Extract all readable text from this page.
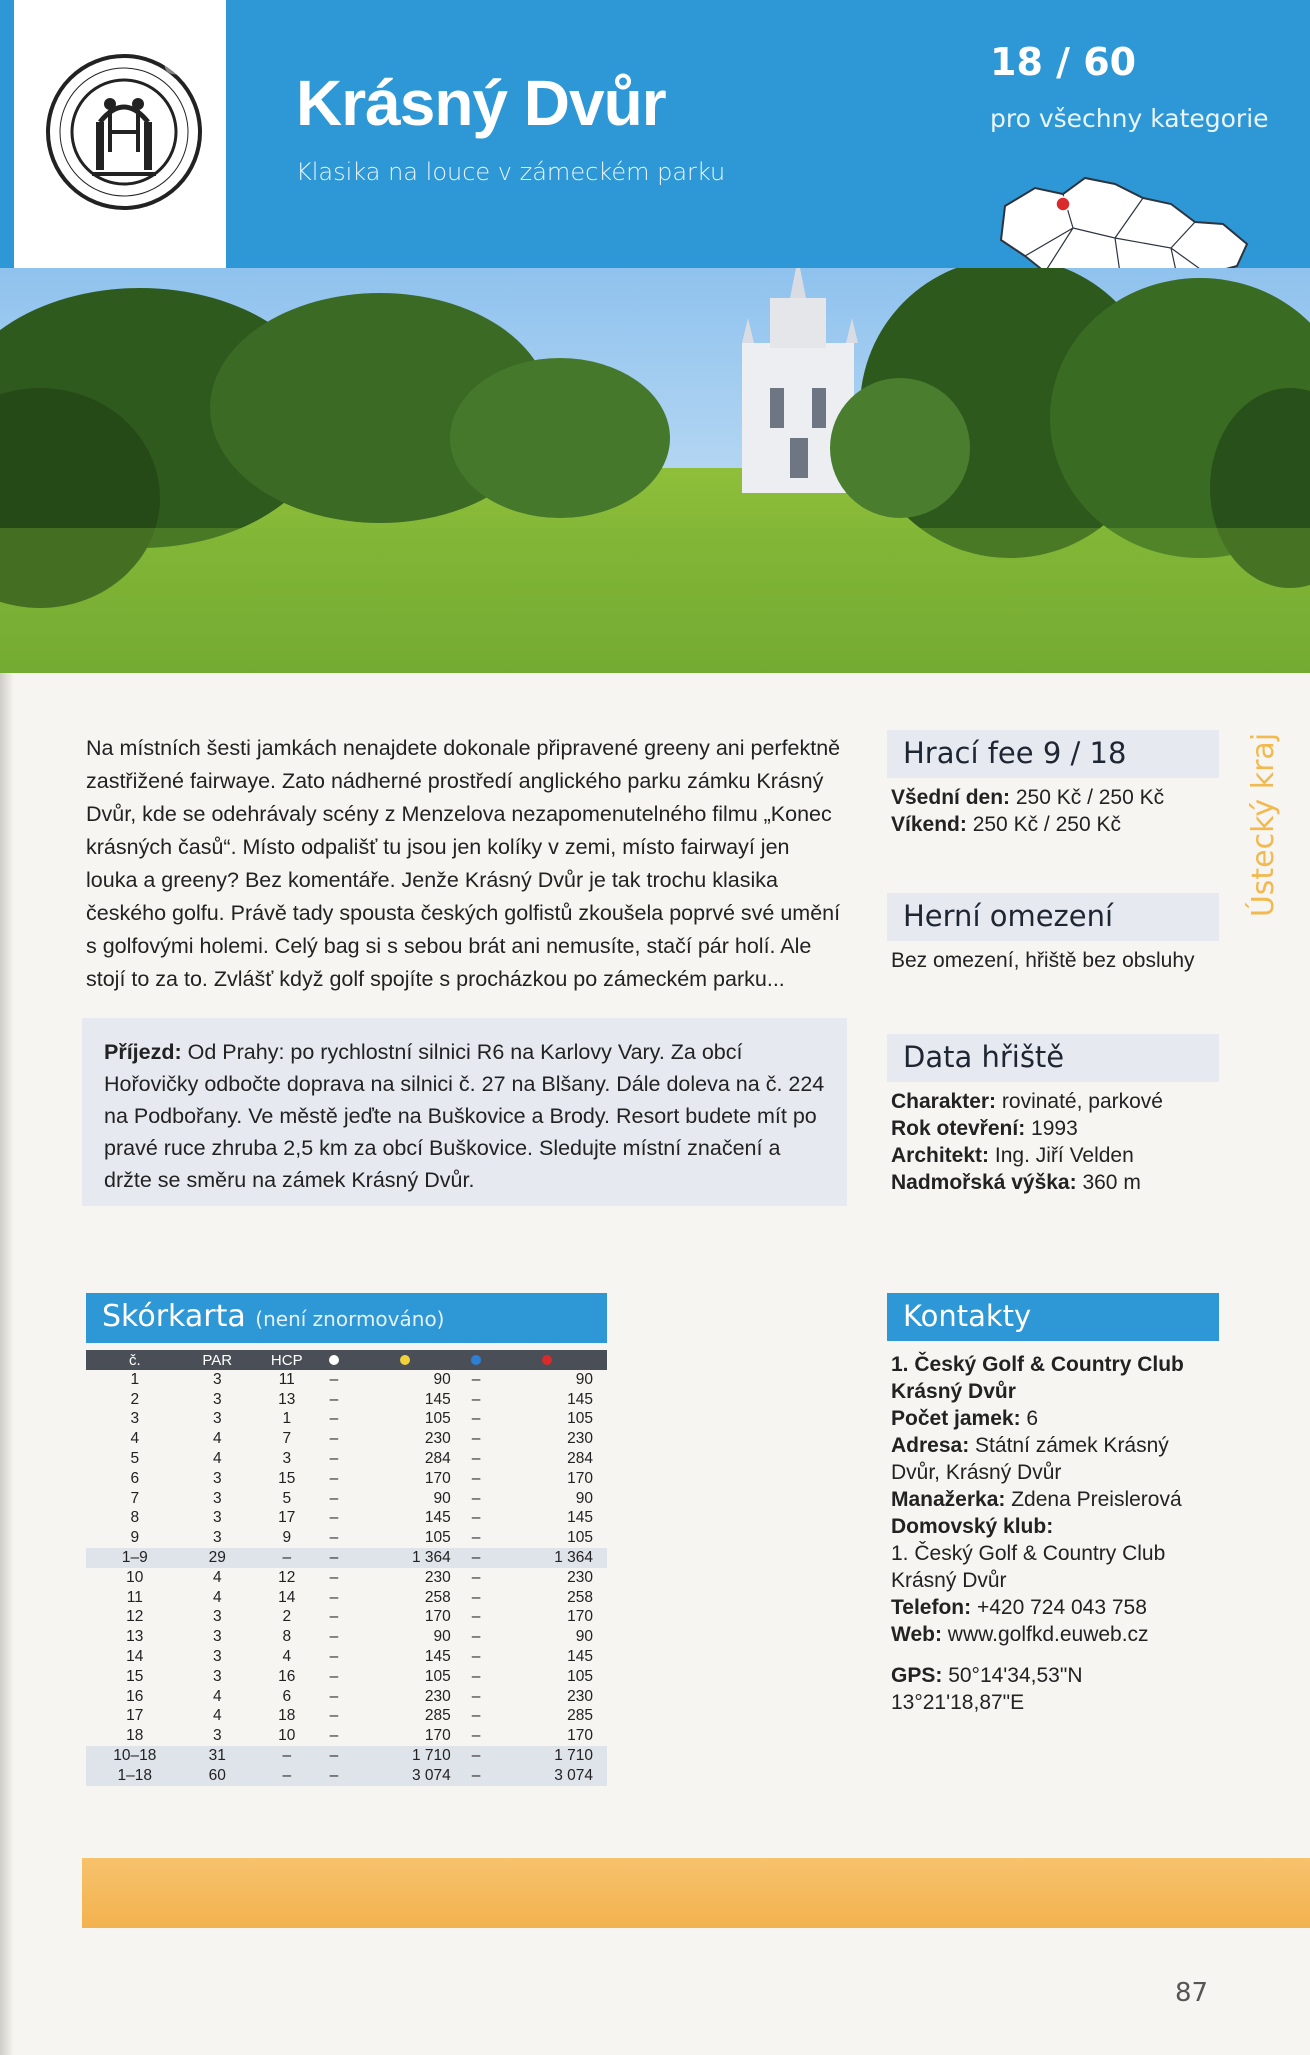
8a
Krásný Dvůr
Klasika na louce v zámeckém parku
18 / 60
pro všechny kategorie
Na místních šesti jamkách nenajdete dokonale připravené greeny ani perfektně zastřižené fairwaye. Zato nádherné prostředí anglického parku zámku Krásný Dvůr, kde se odehrávaly scény z Menzelova nezapomenutelného filmu „Konec krásných časů“. Místo odpališť tu jsou jen kolíky v zemi, místo fairwayí jen louka a greeny? Bez komentáře. Jenže Krásný Dvůr je tak trochu klasika českého golfu. Právě tady spousta českých golfistů zkoušela poprvé své umění s golfovými holemi. Celý bag si s sebou brát ani nemusíte, stačí pár holí. Ale stojí to za to. Zvlášť když golf spojíte s procházkou po zámeckém parku...
Příjezd: Od Prahy: po rychlostní silnici R6 na Karlovy Vary. Za obcí Hořovičky odbočte doprava na silnici č. 27 na Blšany. Dále doleva na č. 224 na Podbořany. Ve městě jeďte na Buškovice a Brody. Resort budete mít po pravé ruce zhruba 2,5 km za obcí Buškovice. Sledujte místní značení a držte se směru na zámek Krásný Dvůr.
Ústecký kraj
Hrací fee 9 / 18
Všední den: 250 Kč / 250 Kč
Víkend: 250 Kč / 250 Kč
Herní omezení
Bez omezení, hřiště bez obsluhy
Data hřiště
Charakter: rovinaté, parkové
Rok otevření: 1993
Architekt: Ing. Jiří Velden
Nadmořská výška: 360 m
Skórkarta (není znormováno)
č.	PAR	HCP				
1	3	11	–	90	–	90
2	3	13	–	145	–	145
3	3	1	–	105	–	105
4	4	7	–	230	–	230
5	4	3	–	284	–	284
6	3	15	–	170	–	170
7	3	5	–	90	–	90
8	3	17	–	145	–	145
9	3	9	–	105	–	105
1–9	29	–	–	1 364	–	1 364
10	4	12	–	230	–	230
11	4	14	–	258	–	258
12	3	2	–	170	–	170
13	3	8	–	90	–	90
14	3	4	–	145	–	145
15	3	16	–	105	–	105
16	4	6	–	230	–	230
17	4	18	–	285	–	285
18	3	10	–	170	–	170
10–18	31	–	–	1 710	–	1 710
1–18	60	–	–	3 074	–	3 074
Kontakty
1. Český Golf & Country Club Krásný Dvůr
Počet jamek: 6
Adresa: Státní zámek Krásný Dvůr, Krásný Dvůr
Manažerka: Zdena Preislerová
Domovský klub:
1. Český Golf & Country Club Krásný Dvůr
Telefon: +420 724 043 758
Web: www.golfkd.euweb.cz
GPS: 50°14'34,53"N 13°21'18,87"E
87
